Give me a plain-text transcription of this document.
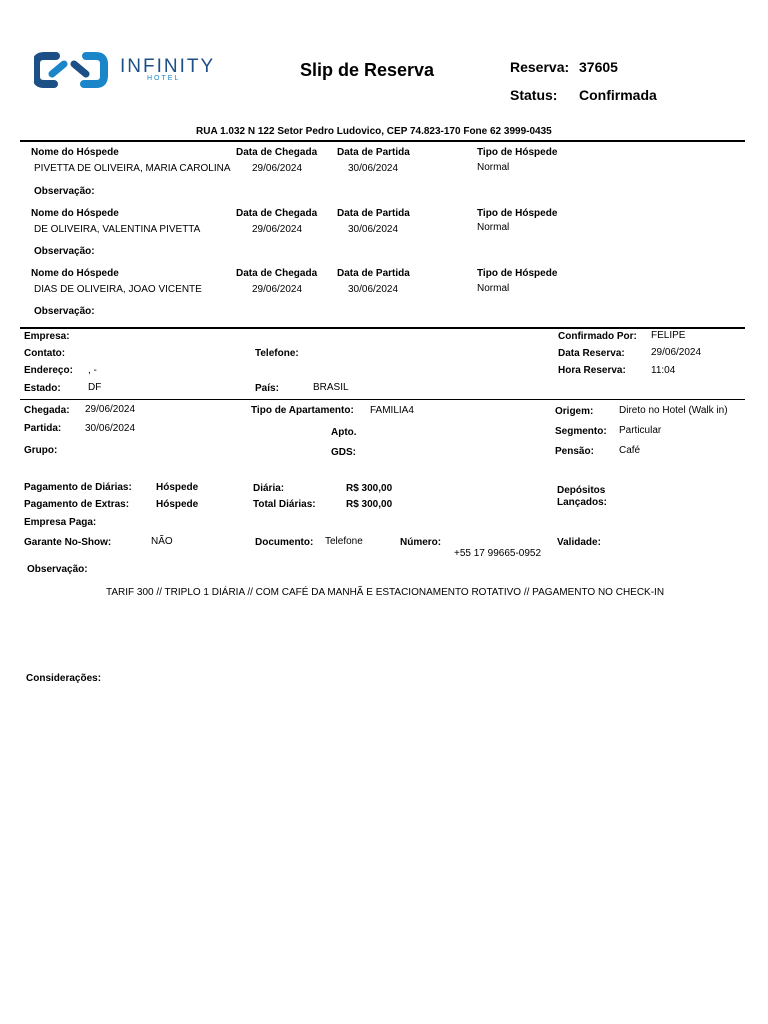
INFINITY
HOTEL	Slip de Reserva	Reserva: 37605
Status: Confirmada
RUA 1.032 N 122 Setor Pedro Ludovico, CEP 74.823-170 Fone 62 3999-0435
Nome do Hóspede	Data de Chegada Data de Partida	Tipo de Hóspede
PIVETTA DE OLIVEIRA, MARIA CAROLINA 29/06/2024	30/06/2024	Normal
Observação:
Nome do Hóspede	Data de Chegada Data de Partida	Tipo de Hóspede
DE OLIVEIRA, VALENTINA PIVETTA	29/06/2024	30/06/2024	Normal
Observação:
Nome do Hóspede	Data de Chegada Data de Partida	Tipo de Hóspede
DIAS DE OLIVEIRA, JOAO VICENTE	29/06/2024	30/06/2024	Normal
Observação:
Empresa:
Contato:
Endereço: , -
Estado:	DF
Telefone:
País:	BRASIL
Confirmado Por: FELIPE
Data Reserva:	29/06/2024
Hora Reserva:	11:04
Chegada: 29/06/2024
Partida: 30/06/2024
Grupo:
Tipo de Apartamento: FAMILIA4
Apto.
GDS:
Origem:	Direto no Hotel (Walk in)
Segmento: Particular
Pensão:	Café
Pagamento de Diárias: Hóspede
Pagamento de Extras:	Hóspede
Empresa Paga:
Diária:	R$ 300,00
Total Diárias:	R$ 300,00
Depósitos
Lançados:
Garante No-Show:	NÃO	Documento: Telefone	Número:
+55 17 99665-0952
Validade:
Observação:
TARIF 300 // TRIPLO 1 DIÁRIA // COM CAFÉ DA MANHÃ E ESTACIONAMENTO ROTATIVO // PAGAMENTO NO CHECK-IN
Considerações:
